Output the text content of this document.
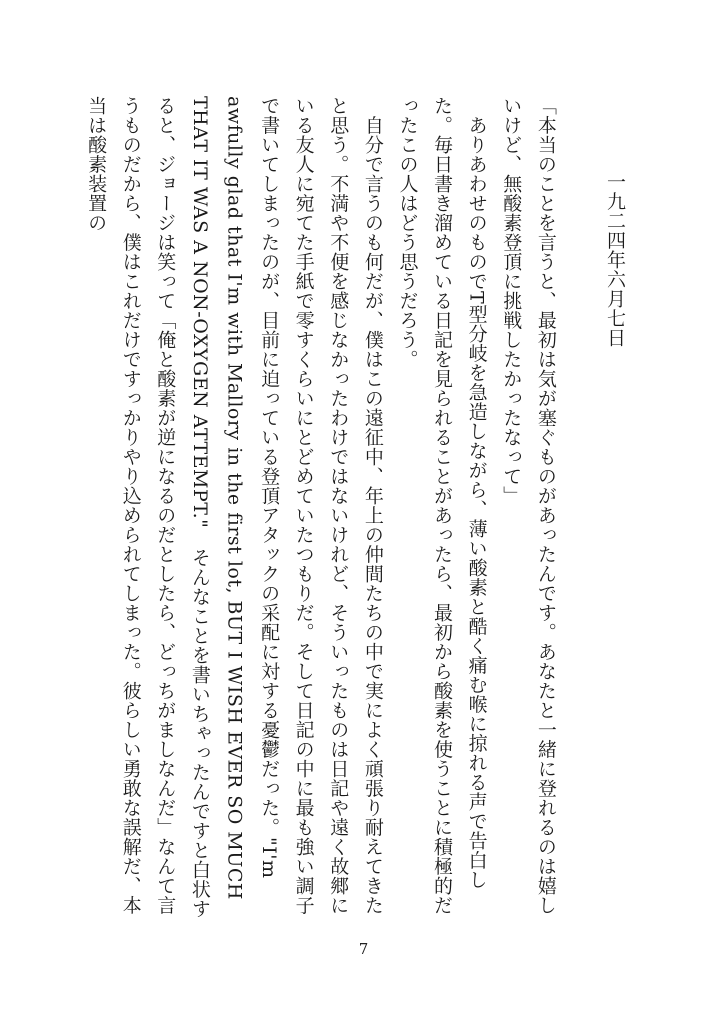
一九二四年六月七日

「本当のことを言うと、最初は気が塞ぐものがあったんです。あなたと一緒に登れるのは嬉しいけど、無酸素登頂に挑戦したかったなって」

　ありあわせのものでT型分岐を急造しながら、薄い酸素と酷く痛む喉に掠れる声で告白した。毎日書き溜めている日記を見られることがあったら、最初から酸素を使うことに積極的だったこの人はどう思うだろう。

　自分で言うのも何だが、僕はこの遠征中、年上の仲間たちの中で実によく頑張り耐えてきたと思う。不満や不便を感じなかったわけではないけれど、そういったものは日記や遠く故郷にいる友人に宛てた手紙で零すくらいにとどめていたつもりだ。そして日記の中に最も強い調子で書いてしまったのが、目前に迫っている登頂アタックの采配に対する憂鬱だった。"I'm awfully glad that I'm with Mallory in the first lot, BUT I WISH EVER SO MUCH THAT IT WAS A NON-OXYGEN ATTEMPT."　そんなことを書いちゃったんですと白状すると、ジョージは笑って「俺と酸素が逆になるのだとしたら、どっちがましなんだ」なんて言うものだから、僕はこれだけですっかりやり込められてしまった。彼らしい勇敢な誤解だ、本当は酸素装置の

7
